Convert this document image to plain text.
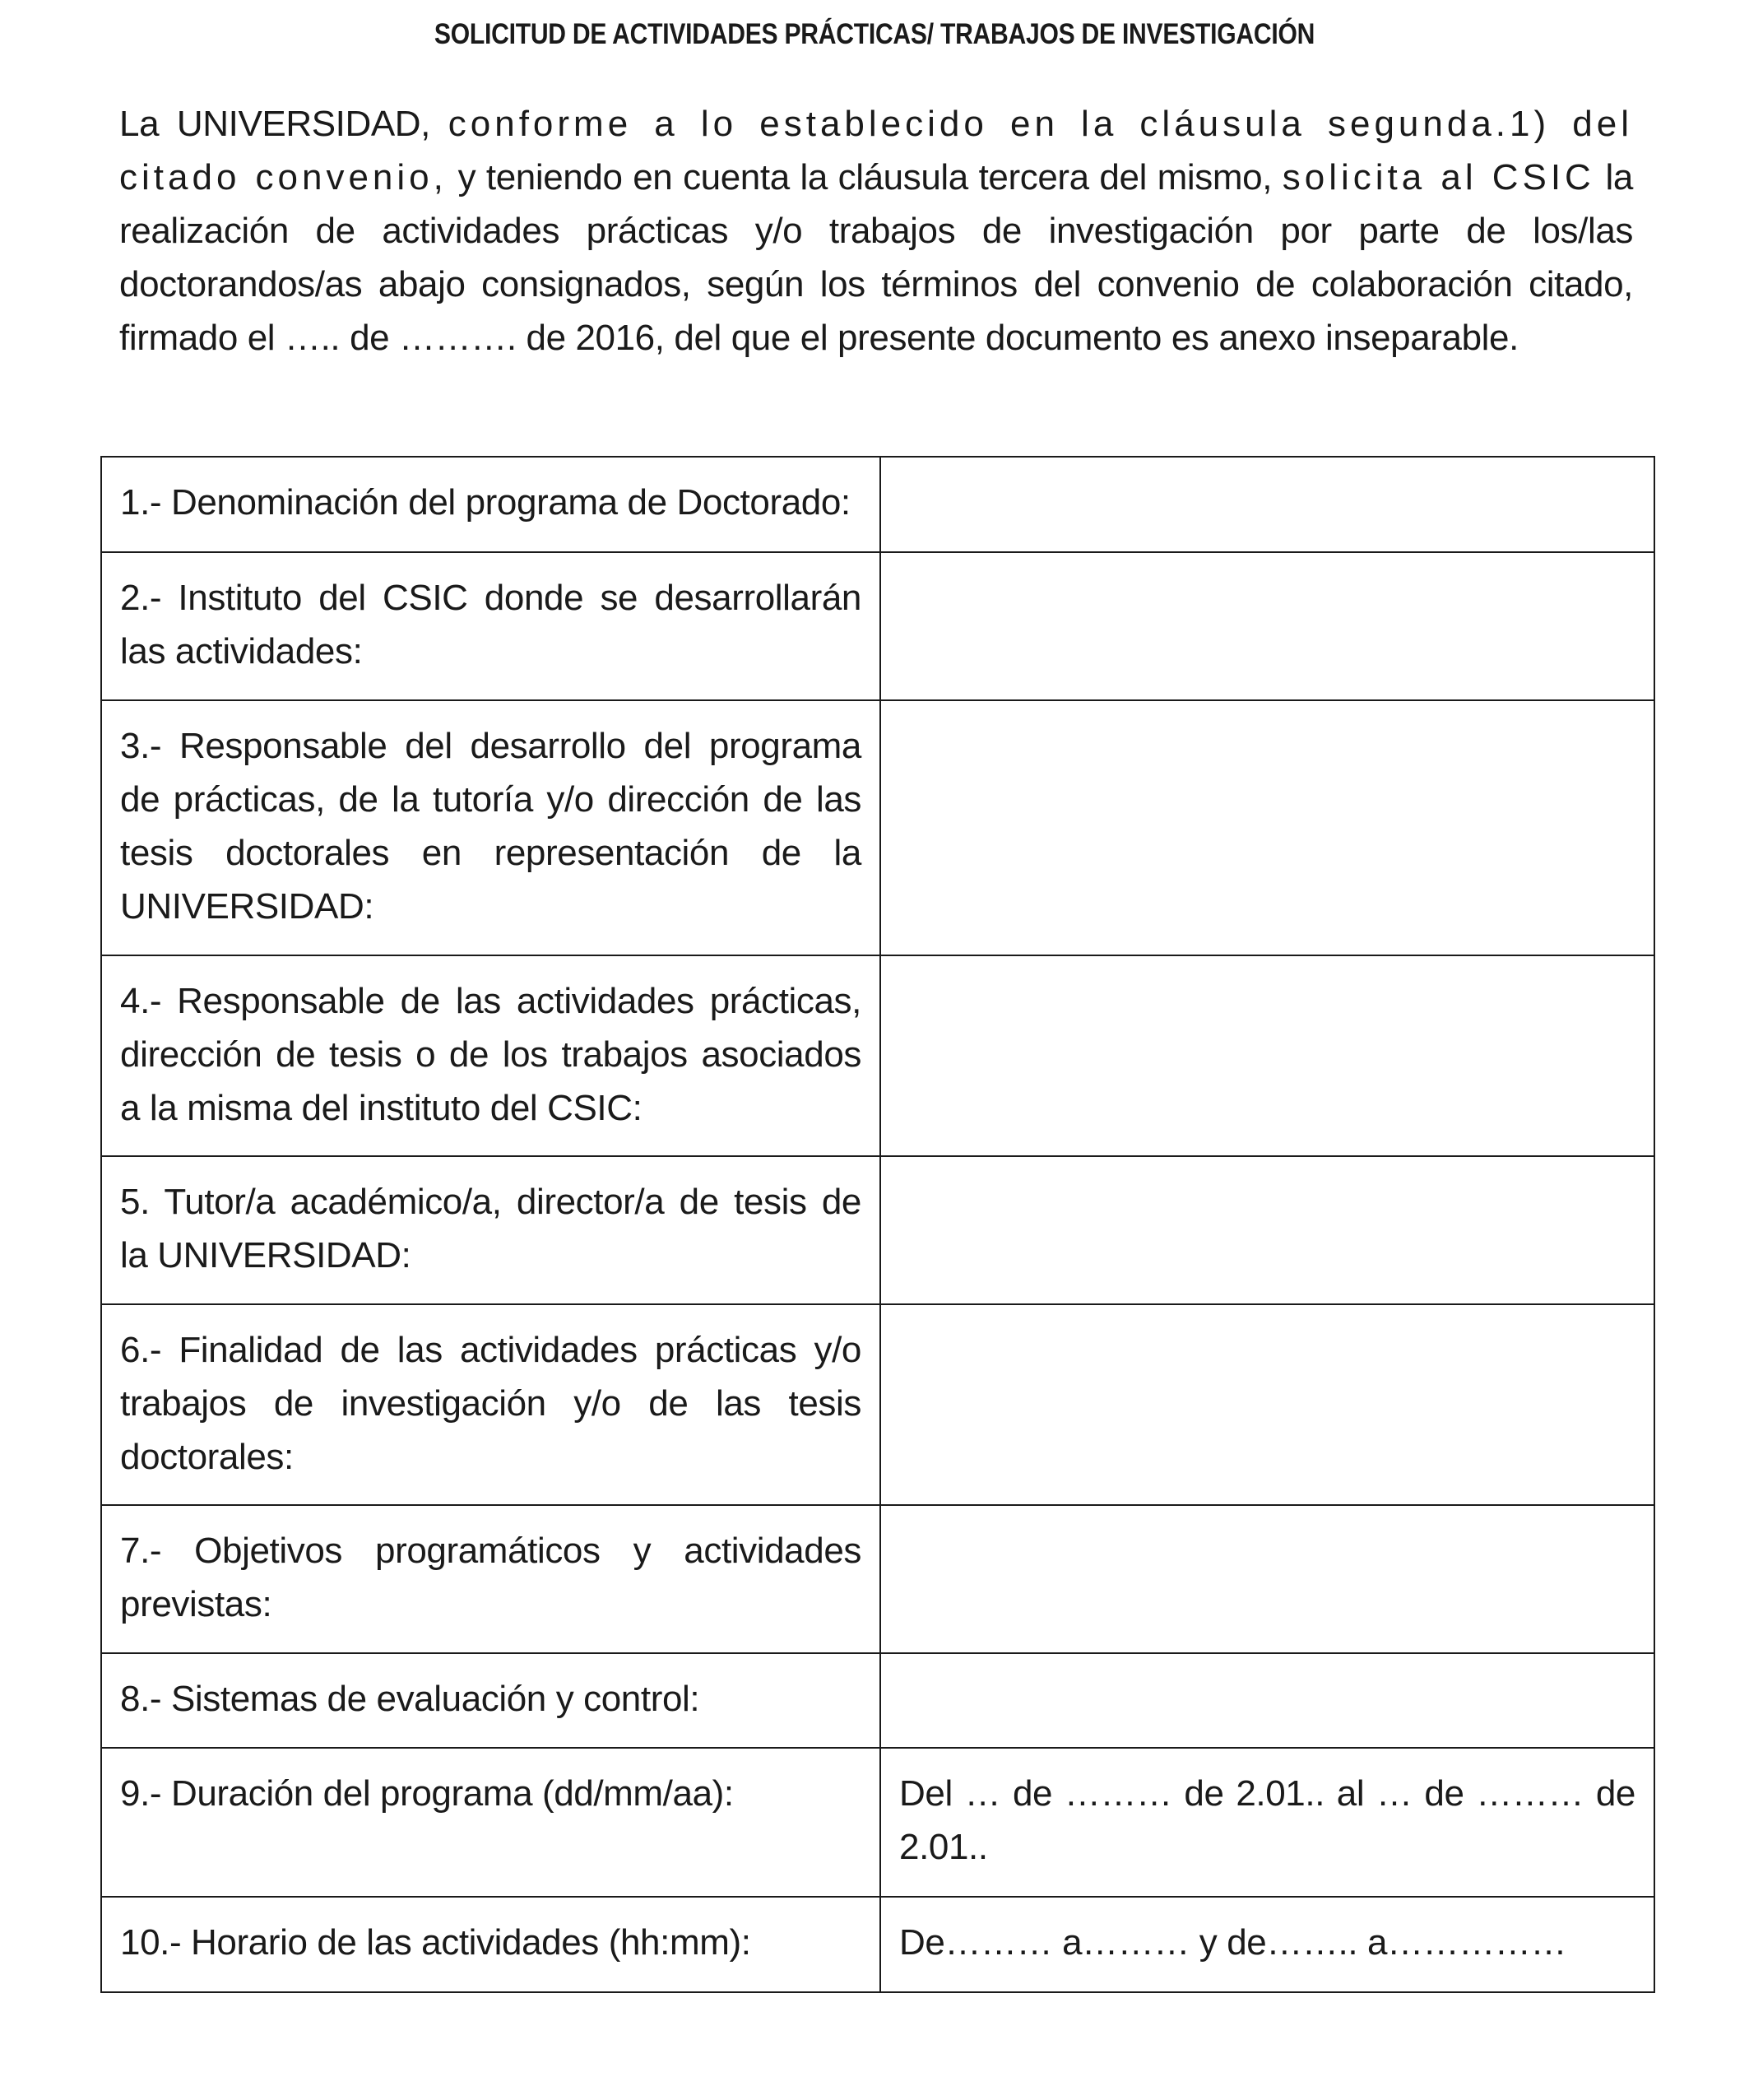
SOLICITUD DE ACTIVIDADES PRÁCTICAS/ TRABAJOS DE INVESTIGACIÓN
La UNIVERSIDAD, conforme a lo establecido en la cláusula segunda.1) del citado convenio, y teniendo en cuenta la cláusula tercera del mismo, solicita al CSIC la realización de actividades prácticas y/o trabajos de investigación por parte de los/las doctorandos/as abajo consignados, según los términos del convenio de colaboración citado, firmado el ….. de ………. de 2016, del que el presente documento es anexo inseparable.
1.- Denominación del programa de Doctorado:	
2.- Instituto del CSIC donde se desarrollarán las actividades:	
3.- Responsable del desarrollo del programa de prácticas, de la tutoría y/o dirección de las tesis doctorales en representación de la UNIVERSIDAD:	
4.- Responsable de las actividades prácticas, dirección de tesis o de los trabajos asociados a la misma del instituto del CSIC:	
5. Tutor/a académico/a, director/a de tesis de la UNIVERSIDAD:	
6.- Finalidad de las actividades prácticas y/o trabajos de investigación y/o de las tesis doctorales:	
7.- Objetivos programáticos y actividades previstas:	
8.- Sistemas de evaluación y control:	
9.- Duración del programa (dd/mm/aa):	Del … de ……… de 2.01.. al … de ……… de 2.01..
10.- Horario de las actividades (hh:mm):	De……… a……… y de…….. a……………
